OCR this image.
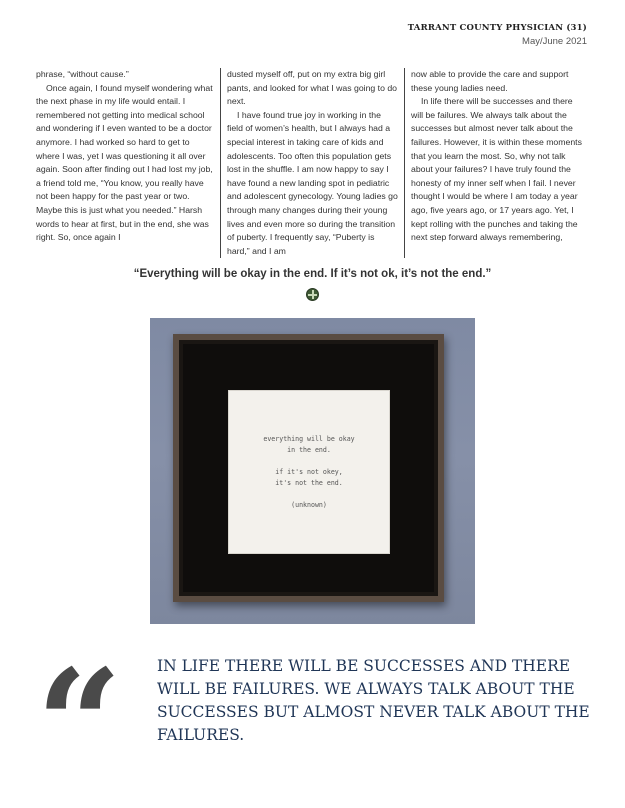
TARRANT COUNTY PHYSICIAN (31)
May/June 2021

phrase, “without cause.”

Once again, I found myself wondering what the next phase in my life would entail. I remembered not getting into medical school and wondering if I even wanted to be a doctor anymore. I had worked so hard to get to where I was, yet I was questioning it all over again. Soon after finding out I had lost my job, a friend told me, “You know, you really have not been happy for the past year or two. Maybe this is just what you needed.” Harsh words to hear at first, but in the end, she was right. So, once again I

dusted myself off, put on my extra big girl pants, and looked for what I was going to do next.

I have found true joy in working in the field of women’s health, but I always had a special interest in taking care of kids and adolescents. Too often this population gets lost in the shuffle. I am now happy to say I have found a new landing spot in pediatric and adolescent gynecology. Young ladies go through many changes during their young lives and even more so during the transition of puberty. I frequently say, “Puberty is hard,” and I am

now able to provide the care and support these young ladies need.

In life there will be successes and there will be failures. We always talk about the successes but almost never talk about the failures. However, it is within these moments that you learn the most. So, why not talk about your failures? I have truly found the honesty of my inner self when I fail. I never thought I would be where I am today a year ago, five years ago, or 17 years ago. Yet, I kept rolling with the punches and taking the next step forward always remembering,

“Everything will be okay in the end. If it’s not ok, it’s not the end.”
everything will be okay
in the end.
if it's not okey,
it's not the end.
(unknown)
“	IN LIFE THERE WILL BE SUCCESSES AND THERE WILL BE FAILURES. WE ALWAYS TALK ABOUT THE SUCCESSES BUT ALMOST NEVER TALK ABOUT THE FAILURES.
